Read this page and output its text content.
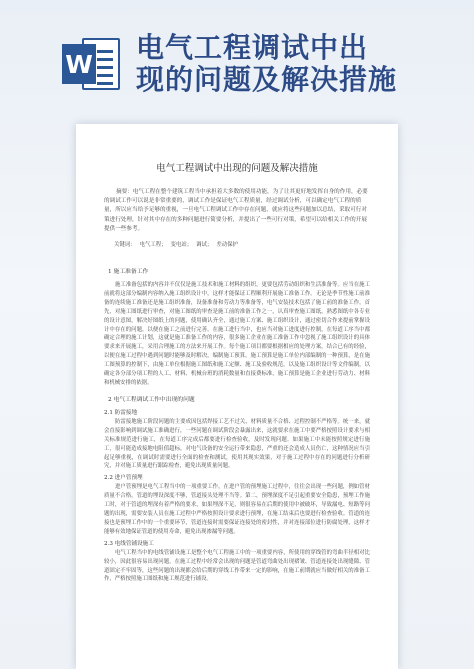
W 电气工程调试中出
现的问题及解决措施
电气工程调试中出现的问题及解决措施

摘要：电气工程在整个建筑工程当中承担着大多数的使用功能，为了让其更好地发挥自身的作用，必要的调试工作可以说是非常重要的，调试工作是保证电气工程质量，经过调试分析，可以确定电气工程的质量，所以应当给予足够的重视，一旦电气工程调试工作中存在问题，就应将这些问题加以总结，采取可行对策进行处理，针对其中存在的多种问题进行简要分析，并提出了一些可行对策，希望可以给相关工作的开展提供一些参考。

关键词： 电气工程； 变电站； 调试； 差动保护
1 施工准备工作

施工准备包括的内容并不仅仅是施工技术和施工材料的组织，更要包括劳动组织和生活准备等。应当在施工前就将这部分编制内容纳入施工组织设计中，这样才能保证工程顺利开展施工准备工作。无论是季节性施工前准备的连续施工准备还是施工组织准备，设备准备和劳动力等准备等，电气安装技术包括了施工前的准备工作，首先，对施工图纸进行审查，对施工图纸的审查是施工前的准备工作之一，认真审查施工图纸，熟悉图纸中各专业的设计意图，解决好图纸上的问题，使用确认齐全，通过施工方案、施工组织设计，通过密切合作来提前掌握设计中存在的问题，以便在施工之前进行完善。在施工进行当中，也应当对施工进度进行控制，在每道工序当中都确定合理的施工计划，这就是施工准备工作的内容，很多施工企业在施工准备工作中忽视了施工组织设计的具体要求来开展施工，采用合理施工的方法来开展工作。每个施工项目都要根据相应的处理方案，结合已有的经验，以便在施工过程中遇到问题时能够及时解决，编制施工预算，施工预算是施工单位内部编制的一种预算，是在施工图预算的控制下，由施工单位根据施工图纸和施工定额、施工及验收规范，以及施工组织设计等文件编制，以确定各分部分项工程的人工、材料、机械台班的消耗数量和直接费标准，施工预算是施工企业进行劳动力、材料和机械安排的依据。

2 电气工程调试工作中出现的问题
2.1 防雷接地

防雷接地施工阶段问题的主要成因包括焊接工艺不过关、材料质量不合格、过程控制不严格等。统一来，就会直接影响到调试施工准确进行，一些问题在调试阶段会暴露出来，这就要求在施工中要严格按照设计要求与相关标准规范进行施工，在每道工序完成后都要进行检查验收，及时发现问题。如果施工中未能按照规定进行施工，很可能造成接地电阻值超标，对电气设备的安全运行带来隐患，严重的还会造成人员伤亡，这种情况应当引起足够重视，在调试时需要进行全面的检查和测试，使用其现实效果，对于施工过程中存在的问题进行分析研究，并对施工质量进行跟踪检查，避免出现质量问题。

2.2 进户管预埋

进户管预埋是电气工程当中的一项重要工作，在进户管的预埋施工过程中，往往会出现一些问题，例如管材质量不合格，管道的埋设深度不够，管道接头处理不当等。第二，预埋深度不足引起重要安全隐患，预埋工作施工时，对于管道的埋深有着严格的要求，如果埋深不足，则很容易在后期的使用中被破坏，导致漏电、短路等问题的出现，需要安装人员在施工过程中严格按照设计要求进行预埋，在施工结束后也要进行检查验收。管道的连接也是预埋工作中的一个重要环节，管道连接时需要保证连接处的密封性，并对连接部位进行防腐处理，这样才能够有效地保证管道的使用寿命，避免出现渗漏等问题。

2.3 电线管铺设施工

电气工程当中的电线管铺设施工是整个电气工程施工中的一项重要内容，所使用的穿线管的弯曲半径相对比较小，因此很容易出现问题，在施工过程中经常会出现的问题是管道弯曲处出现褶皱、管道连接处出现缝隙、管道固定不牢固等，这些问题的出现都会给后期的穿线工作带来一定的影响，在施工前期就应当做好相关的准备工作，严格按照施工图纸和施工规范进行铺设。
